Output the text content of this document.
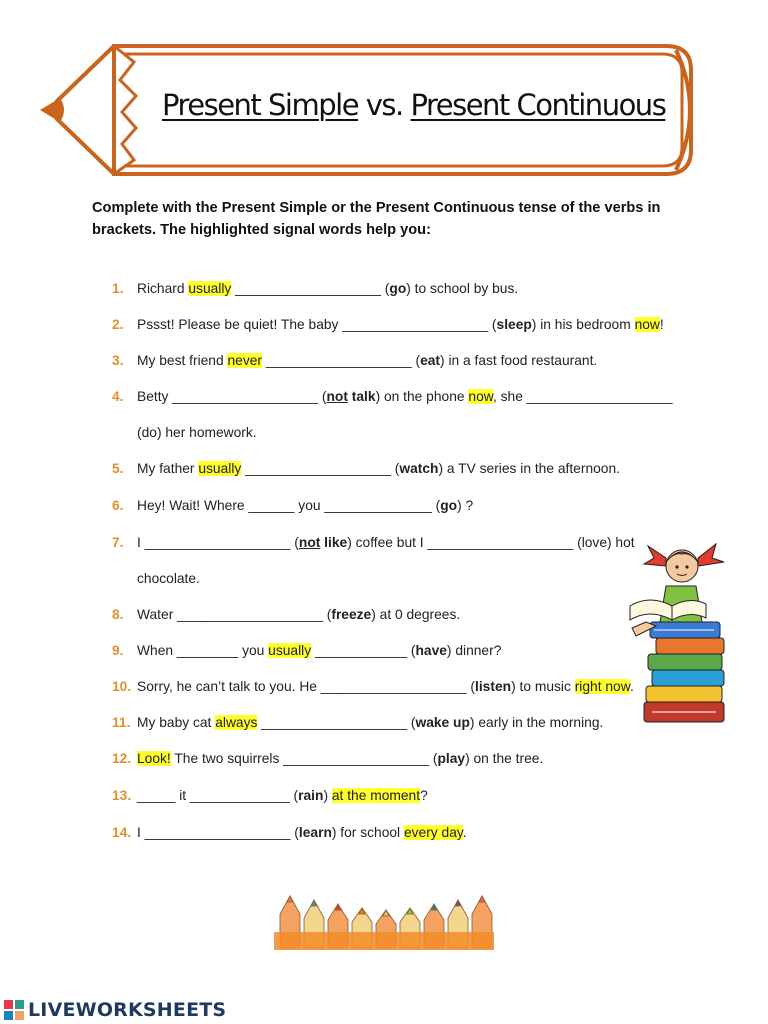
Present Simple vs. Present Continuous
Complete with the Present Simple or the Present Continuous tense of the verbs in brackets. The highlighted signal words help you:
1. Richard usually ___________________ (go) to school by bus.
2. Pssst! Please be quiet! The baby ___________________ (sleep) in his bedroom now!
3. My best friend never ___________________ (eat) in a fast food restaurant.
4. Betty ___________________ (not talk) on the phone now, she ___________________
(do) her homework.
5. My father usually ___________________ (watch) a TV series in the afternoon.
6. Hey! Wait! Where ______ you ______________ (go) ?
7. I ___________________ (not like) coffee but I ___________________ (love) hot
chocolate.
8. Water ___________________ (freeze) at 0 degrees.
9. When ________ you usually ____________ (have) dinner?
10. Sorry, he can’t talk to you. He ___________________ (listen) to music right now.
11. My baby cat always ___________________ (wake up) early in the morning.
12. Look! The two squirrels ___________________ (play) on the tree.
13. _____ it _____________ (rain) at the moment?
14. I ___________________ (learn) for school every day.
LIVEWORKSHEETS
